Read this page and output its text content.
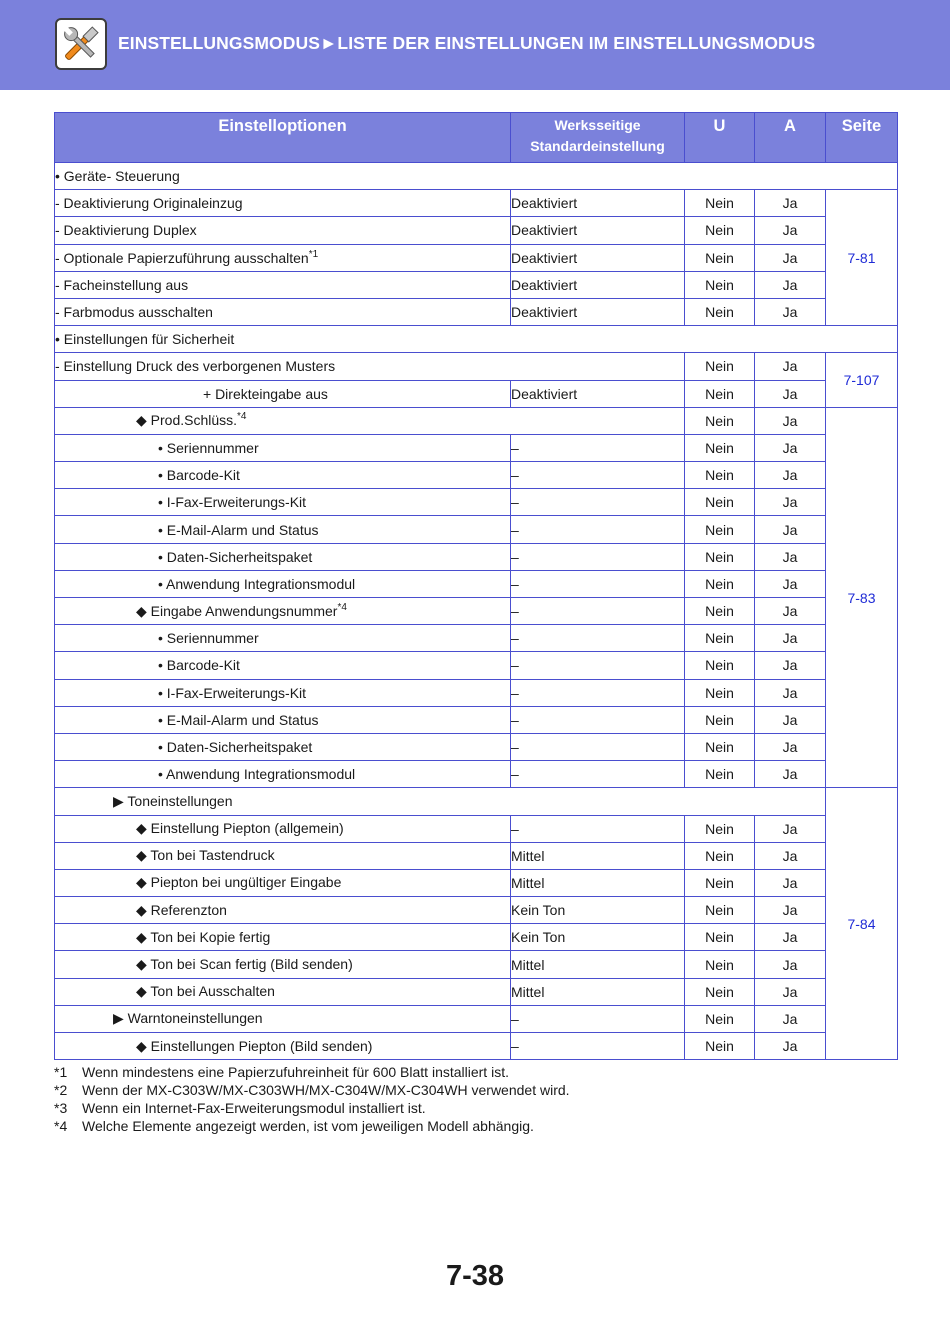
EINSTELLUNGSMODUS►LISTE DER EINSTELLUNGEN IM EINSTELLUNGSMODUS
Einstelloptionen	Werksseitige
Standardeinstellung	U	A	Seite
• Geräte- Steuerung				
- Deaktivierung Originaleinzug	Deaktiviert	Nein	Ja	7-81
- Deaktivierung Duplex	Deaktiviert	Nein	Ja	
- Optionale Papierzuführung ausschalten$^{*1}$	Deaktiviert	Nein	Ja	
- Facheinstellung aus	Deaktiviert	Nein	Ja	
- Farbmodus ausschalten	Deaktiviert	Nein	Ja	
• Einstellungen für Sicherheit				
- Einstellung Druck des verborgenen Musters		Nein	Ja	7-107
+ Direkteingabe aus	Deaktiviert	Nein	Ja	
◆ Prod.Schlüss.$^{*4}$		Nein	Ja	7-83
• Seriennummer	–	Nein	Ja	
• Barcode-Kit	–	Nein	Ja	
• I-Fax-Erweiterungs-Kit	–	Nein	Ja	
• E-Mail-Alarm und Status	–	Nein	Ja	
• Daten-Sicherheitspaket	–	Nein	Ja	
• Anwendung Integrationsmodul	–	Nein	Ja	
◆ Eingabe Anwendungsnummer$^{*4}$	–	Nein	Ja	
• Seriennummer	–	Nein	Ja	
• Barcode-Kit	–	Nein	Ja	
• I-Fax-Erweiterungs-Kit	–	Nein	Ja	
• E-Mail-Alarm und Status	–	Nein	Ja	
• Daten-Sicherheitspaket	–	Nein	Ja	
• Anwendung Integrationsmodul	–	Nein	Ja	
▶ Toneinstellungen				7-84
◆ Einstellung Piepton (allgemein)	–	Nein	Ja	
◆ Ton bei Tastendruck	Mittel	Nein	Ja	
◆ Piepton bei ungültiger Eingabe	Mittel	Nein	Ja	
◆ Referenzton	Kein Ton	Nein	Ja	
◆ Ton bei Kopie fertig	Kein Ton	Nein	Ja	
◆ Ton bei Scan fertig (Bild senden)	Mittel	Nein	Ja	
◆ Ton bei Ausschalten	Mittel	Nein	Ja	
▶ Warntoneinstellungen	–	Nein	Ja	
◆ Einstellungen Piepton (Bild senden)	–	Nein	Ja	
*1 Wenn mindestens eine Papierzufuhreinheit für 600 Blatt installiert ist.
*2 Wenn der MX-C303W/MX-C303WH/MX-C304W/MX-C304WH verwendet wird.
*3 Wenn ein Internet-Fax-Erweiterungsmodul installiert ist.
*4 Welche Elemente angezeigt werden, ist vom jeweiligen Modell abhängig.
7-38
